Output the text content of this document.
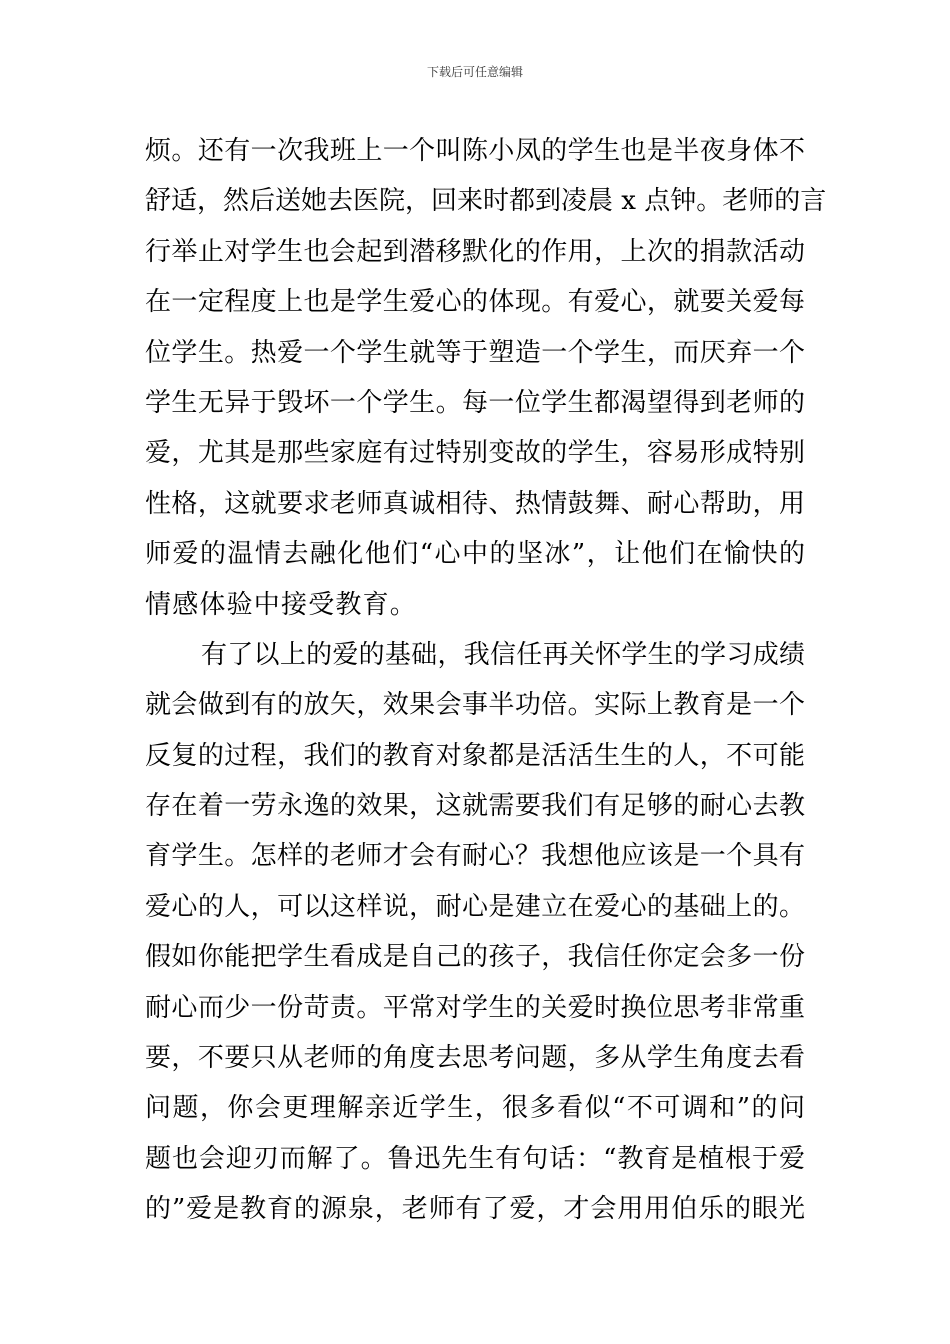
下载后可任意编辑
烦。还有一次我班上一个叫陈小凤的学生也是半夜身体不
舒适，然后送她去医院，回来时都到凌晨 x 点钟。老师的言
行举止对学生也会起到潜移默化的作用，上次的捐款活动
在一定程度上也是学生爱心的体现。有爱心，就要关爱每
位学生。热爱一个学生就等于塑造一个学生，而厌弃一个
学生无异于毁坏一个学生。每一位学生都渴望得到老师的
爱，尤其是那些家庭有过特别变故的学生，容易形成特别
性格，这就要求老师真诚相待、热情鼓舞、耐心帮助，用
师爱的温情去融化他们“心中的坚冰”，让他们在愉快的
情感体验中接受教育。
有了以上的爱的基础，我信任再关怀学生的学习成绩
就会做到有的放矢，效果会事半功倍。实际上教育是一个
反复的过程，我们的教育对象都是活活生生的人，不可能
存在着一劳永逸的效果，这就需要我们有足够的耐心去教
育学生。怎样的老师才会有耐心？我想他应该是一个具有
爱心的人，可以这样说，耐心是建立在爱心的基础上的。
假如你能把学生看成是自己的孩子，我信任你定会多一份
耐心而少一份苛责。平常对学生的关爱时换位思考非常重
要，不要只从老师的角度去思考问题，多从学生角度去看
问题，你会更理解亲近学生，很多看似“不可调和”的问
题也会迎刃而解了。鲁迅先生有句话：“教育是植根于爱
的”爱是教育的源泉，老师有了爱，才会用用伯乐的眼光
